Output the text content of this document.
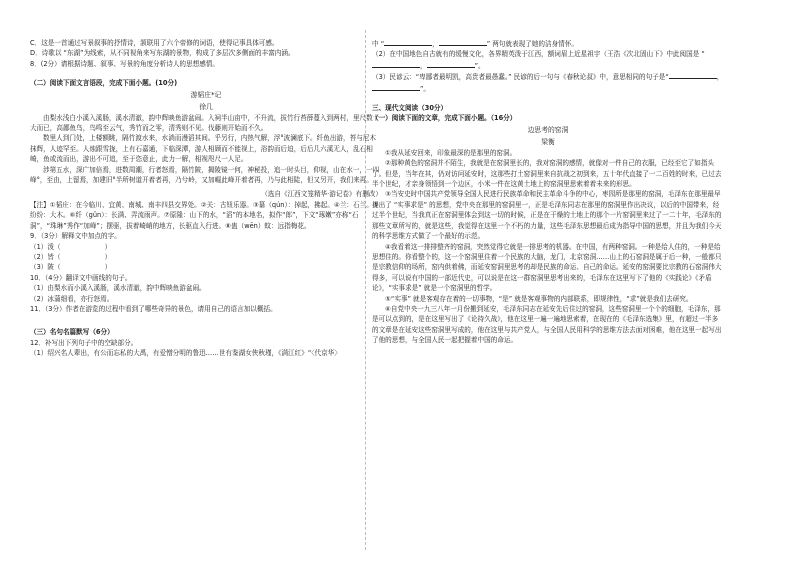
C．这是一首通过写景叙事的抒情诗，颔联用了六个帝修的词语，使得记事具体可感。

D．诗歌以 “东湖”为线索，从不同视角来写东湖的景物，构成了多层次多侧面的丰富内涵。

8．(2分）请根据诗题、叙事、写景的角度分析诗人的思想感情。

（二）阅读下面文言语段，完成下面小题。(10分)

游韬庄*记

徐几

由梨水浅白小溪入溪肠，溪水清澈，韵中辉映鱼游盆闹。入祠半山亩中，不升流，拔竹行苔薛蔓入到两村，里尺数十大而已，高鄙鱼鸟，鸟鸣至云气，秀竹而之零，清秀则不见。伐藤则开始而不久。

数里人到门处，上楼额眺，隔竹渡水来，水淌而漫滔其间。乎另行，内热气解，浮°波澜底下。纤鱼出游，苔与尼木抹辉，人迹罕至。人烛跟雪拢，上有石嘉通，下临深潭，游人相顾而不能视上，浴韵而后迫，后后几六溪无人，乱石相崎，鱼或流而出，游出不可追，至于恣意止，此力一解，相视咫尺一人足。

涉第五水，深广加倍焉，进数周潮，行者怒焉，隔竹陂，揭陵镜一何，神秘投，追一时头目，仰视，山在水一，一四峰°，至由，上留焉，加建旧°半所树道开着者再，乃兮岭，又加崛此峰开着者再，乃与此相陡，但又另开，我们来再。

（选自《江西文笼精华·游记卷》有删改）

【注】①韬庄：在今临川、宜黄、南城、南丰四县交界处。②关：古钮乐器。③纂（qún）：掉起，拂起。④兰：石兰。⑤纷纷：大木。⑥纤（gǔn）：长满、弄流雨声。⑦原隆：山下的水，“滔”的本地名，拟作“郎”，下文“琢嫩”亦称“石洞”，“珠琳”秀作“加峰”；摆驱，拔着崎峭的地方，长驱直入行进。⑧蛊（wēn）蚊：远指梅花。

9．（3分）解释文中加点的字。

（1）泼（	）

（2）皆（	）

（3）陂（	）

10．（4分）翻译文中画线的句子。

（1）由梨水而小溪入溪肠，溪水清澈，韵中辉映鱼游盆闹。

（2）冰蒲细看，亦行怒焉。

11．（3分）作者在游览的过程中看到了哪些奇异的景色，请用自己的语言加以概括。

（三）名句名篇默写（6分）

12．补写出下列句子中的空缺部分。

（1）绍兴名人辈出，有公而忘私的大禹，有爱憎分明的鲁迅……世有鉴湖女侠秋瑾，《满江红》“〈代京华〉

中 “	，	” 两句就表现了她的洁身情怀。

（2）在中国地色自古就有的缓慢文化，各界精英泼于江西，额词眉上近星祖宇（王浩《次北固山下》中此阅国是 “，	”。

（3）民谚云：“卑鄙者最明凯，高贵者最愚蠢。” 民谚的后一句与《春秋论叔》中，意思相同的句子是“	，”。

三、现代文阅读（30分）

（一）阅读下面的文章，完成下面小题。（16分）

边思考的窑洞

梁衡

①我从延安回来，印象最深的是那里的窑洞。

②那种黄色的窑洞并不陌生，我就是在窑洞里长的，我对窑洞的感情，就像对一件自己的衣服，已经至它了如指头了。但是，当年在其，仍对访问延安时，这那些打土窑洞里来自抗战之初到来，五十年代直接了一二百姓的时来，已过去半个世纪，才亲身领悟到一个边区，小米一件在这黄土地上的窑洞里思索着着未来的形思。

③当安史时中国共产党领导全国人民进行民族革命和民主革命斗争的中心，枣园所是那里的窑洞，毛泽东在那里最早提出了 “实事求是” 的思想，党中央在那里的窑洞里一，正是毛泽东同志在那里的窑洞里作出决议，以后的中国带来，经过半个世纪，当我真正在窑洞里体会到这一切的时候，正是在干燥的土地上的那个一片窑洞里来过了一二十年，毛泽东的那些文章所写的，就是这些，我觉得在这里一个不朽的力量，这些毛泽东思想最后成为指导中国的思想，并且为我们今天的科学思维方式做了一个最好的示范。

④我看着这一排排整齐的窑洞，突然觉得它就是一排思考的机器。在中国，有两种窑洞。一种是给人住的，一种是给思想住的。你看整个的，这一个窑洞里住着一个民族的大脑，龙门，北京窑洞……山上的石窑洞是属于后一种，一般都只是宗教信仰的场所，窑内供着佛，而延安窑洞里思考的却是民族的命运、自己的命运。延安的窑洞要比宗教的石窑洞伟大得多，可以说有中国的一部近代史，可以说是在这一群窑洞里思考出来的，毛泽东在这里写下了他的《实践论》《矛盾论》，“实事求是” 就是一个窑洞里的哲学。

⑤“实事” 就是客观存在着的一切事物，“是” 就是客观事物的内部联系，即规律性，“求”就是我们去研究。

⑥自党中央一九三八年一月份搬到延安，毛泽东同志在延安先后住过的窑洞，这些窑洞里一个个的细胞，毛泽东，那是可以点到的，是在这里写出了《论持久战》，他在这里一遍一遍地思索着，在现在的《毛泽东选集》里，有超过一半多的文章是在延安这些窑洞里写成的，他在这里与共产党人，与全国人民用科学的思维方法去面对困难，他在这里一起写出了他的思想，与全国人民一起把握着中国的命运。
